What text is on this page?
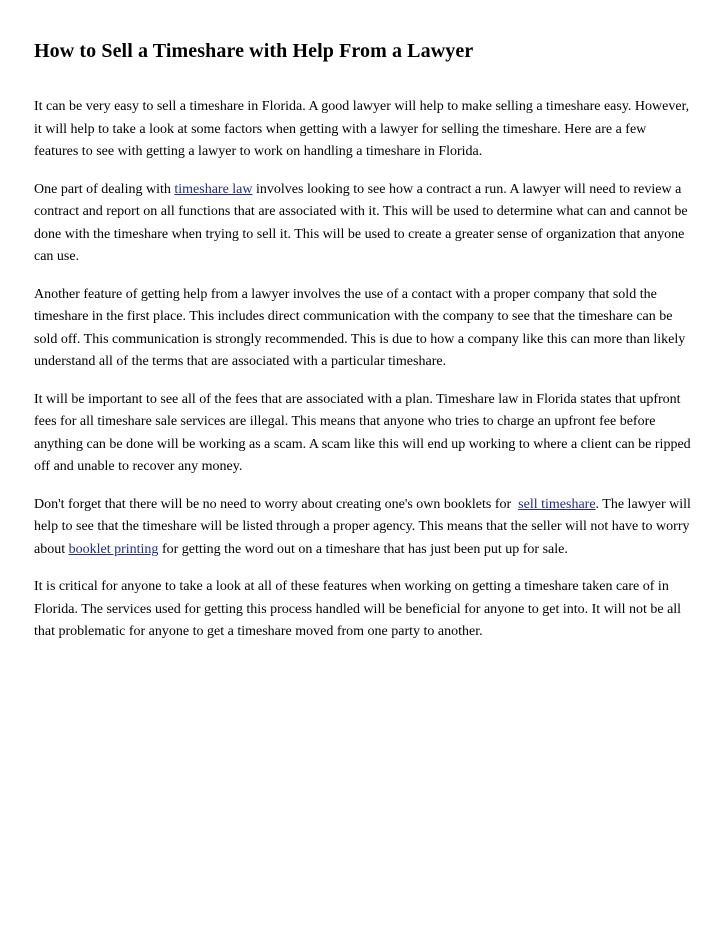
How to Sell a Timeshare with Help From a Lawyer

It can be very easy to sell a timeshare in Florida. A good lawyer will help to make selling a timeshare easy. However, it will help to take a look at some factors when getting with a lawyer for selling the timeshare. Here are a few features to see with getting a lawyer to work on handling a timeshare in Florida.

One part of dealing with timeshare law involves looking to see how a contract a run. A lawyer will need to review a contract and report on all functions that are associated with it. This will be used to determine what can and cannot be done with the timeshare when trying to sell it. This will be used to create a greater sense of organization that anyone can use.

Another feature of getting help from a lawyer involves the use of a contact with a proper company that sold the timeshare in the first place. This includes direct communication with the company to see that the timeshare can be sold off. This communication is strongly recommended. This is due to how a company like this can more than likely understand all of the terms that are associated with a particular timeshare.

It will be important to see all of the fees that are associated with a plan. Timeshare law in Florida states that upfront fees for all timeshare sale services are illegal. This means that anyone who tries to charge an upfront fee before anything can be done will be working as a scam. A scam like this will end up working to where a client can be ripped off and unable to recover any money.

Don't forget that there will be no need to worry about creating one's own booklets for  sell timeshare. The lawyer will help to see that the timeshare will be listed through a proper agency. This means that the seller will not have to worry about booklet printing for getting the word out on a timeshare that has just been put up for sale.

It is critical for anyone to take a look at all of these features when working on getting a timeshare taken care of in Florida. The services used for getting this process handled will be beneficial for anyone to get into. It will not be all that problematic for anyone to get a timeshare moved from one party to another.
